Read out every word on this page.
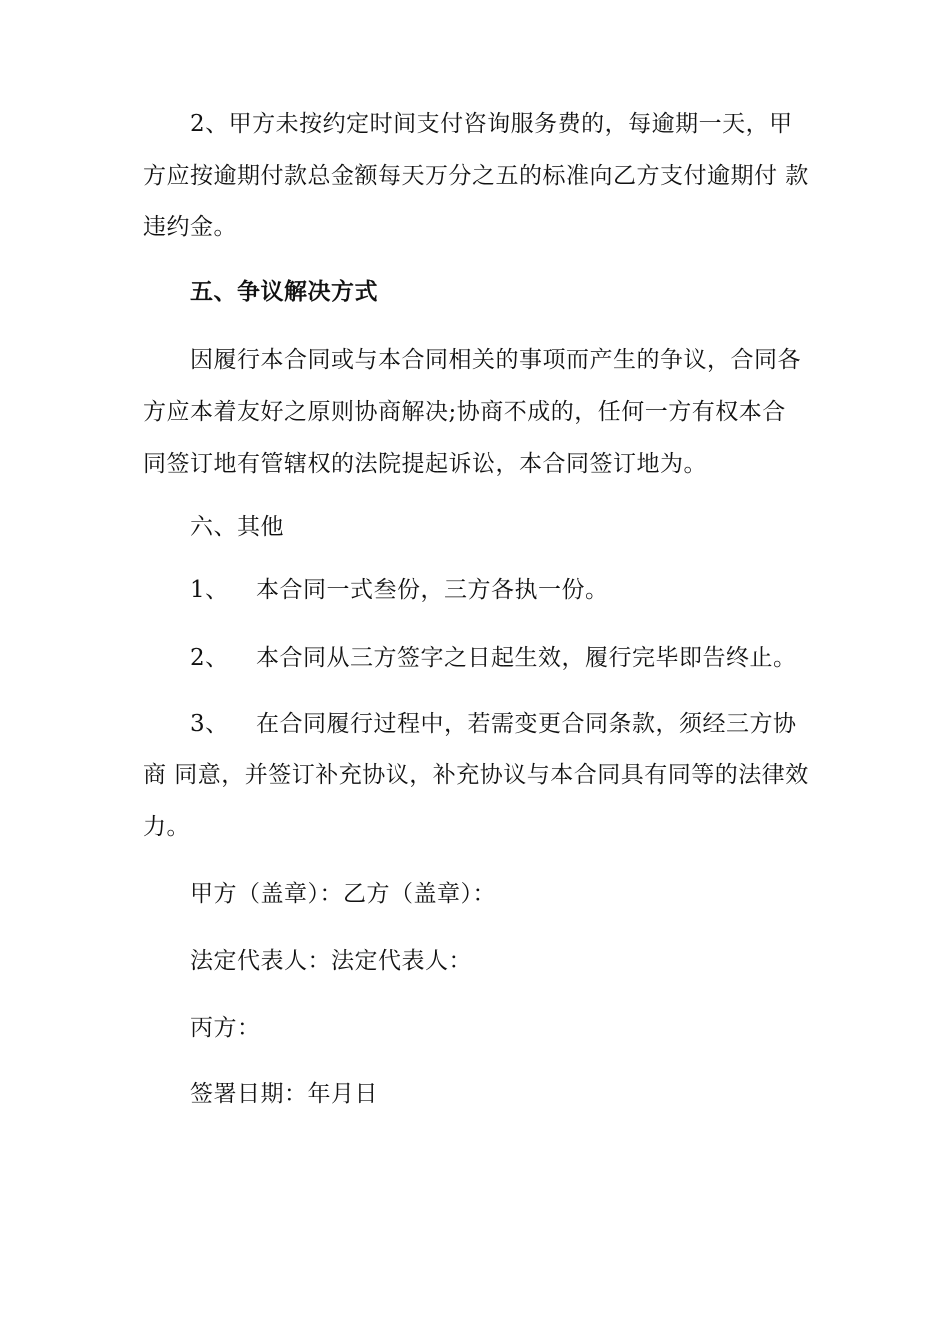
2、甲方未按约定时间支付咨询服务费的，每逾期一天，甲
方应按逾期付款总金额每天万分之五的标准向乙方支付逾期付 款
违约金。
五、争议解决方式
因履行本合同或与本合同相关的事项而产生的争议，合同各
方应本着友好之原则协商解决;协商不成的，任何一方有权本合
同签订地有管辖权的法院提起诉讼，本合同签订地为。
六、其他
1、 本合同一式叁份，三方各执一份。
2、 本合同从三方签字之日起生效，履行完毕即告终止。
3、 在合同履行过程中，若需变更合同条款，须经三方协
商 同意，并签订补充协议，补充协议与本合同具有同等的法律效
力。
甲方（盖章）：乙方（盖章）：
法定代表人：法定代表人：
丙方：
签署日期：年月日
